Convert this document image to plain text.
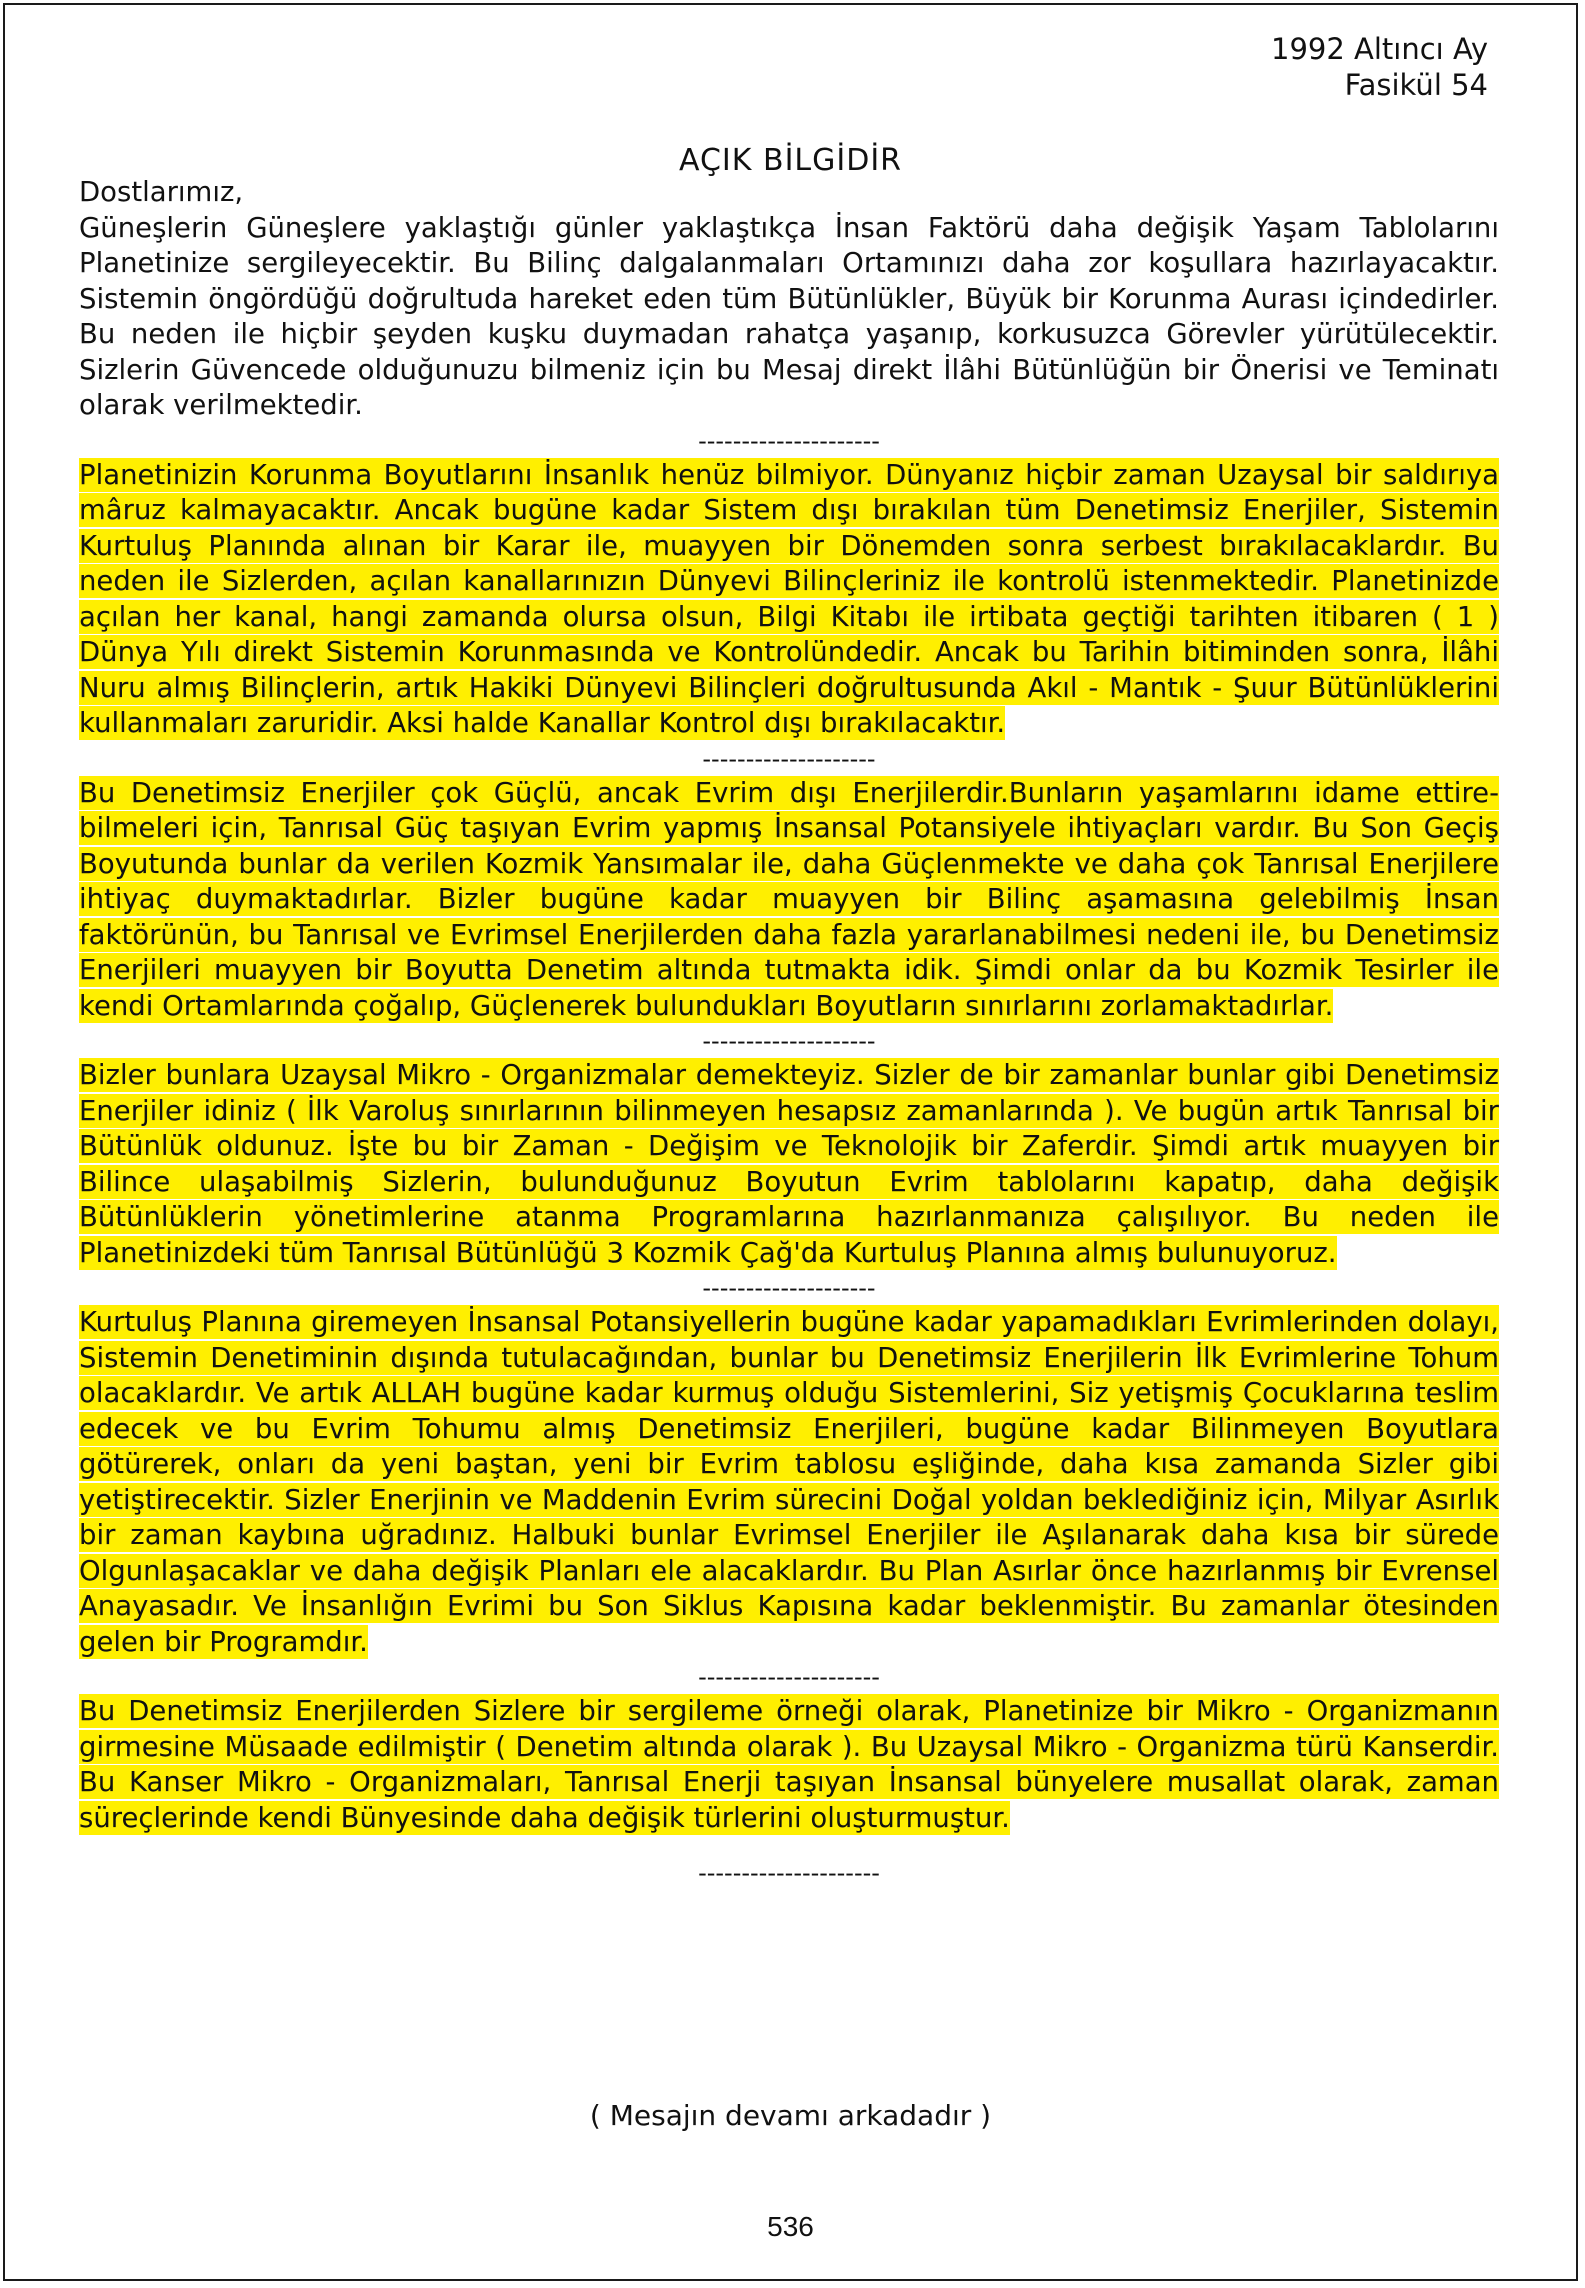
1992 Altıncı Ay
Fasikül 54
AÇIK BİLGİDİR

Dostlarımız,

Güneşlerin Güneşlere yaklaştığı günler yaklaştıkça İnsan Faktörü daha değişik Yaşam Tablolarını Planetinize sergileyecektir. Bu Bilinç dalgalanmaları Ortamınızı daha zor koşullara hazırlayacaktır. Sistemin öngördüğü doğrultuda hareket eden tüm Bütünlükler, Büyük bir Korunma Aurası içindedirler. Bu neden ile hiçbir şeyden kuşku duymadan rahatça yaşanıp, korkusuzca Görevler yürütülecektir. Sizlerin Güvencede olduğunuzu bilmeniz için bu Mesaj direkt İlâhi Bütünlüğün bir Önerisi ve Teminatı olarak verilmektedir.

---------------------

Planetinizin Korunma Boyutlarını İnsanlık henüz bilmiyor. Dünyanız hiçbir zaman Uzaysal bir saldırıya mâruz kalmayacaktır. Ancak bugüne kadar Sistem dışı bırakılan tüm Denetimsiz Enerjiler, Sistemin Kurtuluş Planında alınan bir Karar ile, muayyen bir Dönemden sonra serbest bırakılacaklardır. Bu neden ile Sizlerden, açılan kanallarınızın Dünyevi Bilinçleriniz ile kontrolü istenmektedir. Planetinizde açılan her kanal, hangi zamanda olursa olsun, Bilgi Kitabı ile irtibata geçtiği tarihten itibaren ( 1 ) Dünya Yılı direkt Sistemin Korunmasında ve Kontrolündedir. Ancak bu Tarihin bitiminden sonra, İlâhi Nuru almış Bilinçlerin, artık Hakiki Dünyevi Bilinçleri doğrultusunda Akıl - Mantık - Şuur Bütünlüklerini kullanmaları zaruridir. Aksi halde Kanallar Kontrol dışı bırakılacaktır.

--------------------

Bu Denetimsiz Enerjiler çok Güçlü, ancak Evrim dışı Enerjilerdir.Bunların yaşamlarını idame ettire-bilmeleri için, Tanrısal Güç taşıyan Evrim yapmış İnsansal Potansiyele ihtiyaçları vardır. Bu Son Geçiş Boyutunda bunlar da verilen Kozmik Yansımalar ile, daha Güçlenmekte ve daha çok Tanrısal Enerjilere ihtiyaç duymaktadırlar. Bizler bugüne kadar muayyen bir Bilinç aşamasına gelebilmiş İnsan faktörünün, bu Tanrısal ve Evrimsel Enerjilerden daha fazla yararlanabilmesi nedeni ile, bu Denetimsiz Enerjileri muayyen bir Boyutta Denetim altında tutmakta idik. Şimdi onlar da bu Kozmik Tesirler ile kendi Ortamlarında çoğalıp, Güçlenerek bulundukları Boyutların sınırlarını zorlamaktadırlar.

--------------------

Bizler bunlara Uzaysal Mikro - Organizmalar demekteyiz. Sizler de bir zamanlar bunlar gibi Denetimsiz Enerjiler idiniz ( İlk Varoluş sınırlarının bilinmeyen hesapsız zamanlarında ). Ve bugün artık Tanrısal bir Bütünlük oldunuz. İşte bu bir Zaman - Değişim ve Teknolojik bir Zaferdir. Şimdi artık muayyen bir Bilince ulaşabilmiş Sizlerin, bulunduğunuz Boyutun Evrim tablolarını kapatıp, daha değişik Bütünlüklerin yönetimlerine atanma Programlarına hazırlanmanıza çalışılıyor. Bu neden ile Planetinizdeki tüm Tanrısal Bütünlüğü 3 Kozmik Çağ'da Kurtuluş Planına almış bulunuyoruz.

--------------------

Kurtuluş Planına giremeyen İnsansal Potansiyellerin bugüne kadar yapamadıkları Evrimlerinden dolayı, Sistemin Denetiminin dışında tutulacağından, bunlar bu Denetimsiz Enerjilerin İlk Evrimlerine Tohum olacaklardır. Ve artık ALLAH bugüne kadar kurmuş olduğu Sistemlerini, Siz yetişmiş Çocuklarına teslim edecek ve bu Evrim Tohumu almış Denetimsiz Enerjileri, bugüne kadar Bilinmeyen Boyutlara götürerek, onları da yeni baştan, yeni bir Evrim tablosu eşliğinde, daha kısa zamanda Sizler gibi yetiştirecektir. Sizler Enerjinin ve Maddenin Evrim sürecini Doğal yoldan beklediğiniz için, Milyar Asırlık bir zaman kaybına uğradınız. Halbuki bunlar Evrimsel Enerjiler ile Aşılanarak daha kısa bir sürede Olgunlaşacaklar ve daha değişik Planları ele alacaklardır. Bu Plan Asırlar önce hazırlanmış bir Evrensel Anayasadır. Ve İnsanlığın Evrimi bu Son Siklus Kapısına kadar beklenmiştir. Bu zamanlar ötesinden gelen bir Programdır.

---------------------

Bu Denetimsiz Enerjilerden Sizlere bir sergileme örneği olarak, Planetinize bir Mikro - Organizmanın girmesine Müsaade edilmiştir ( Denetim altında olarak ). Bu Uzaysal Mikro - Organizma türü Kanserdir. Bu Kanser Mikro - Organizmaları, Tanrısal Enerji taşıyan İnsansal bünyelere musallat olarak, zaman süreçlerinde kendi Bünyesinde daha değişik türlerini oluşturmuştur.

---------------------
( Mesajın devamı arkadadır )
536
